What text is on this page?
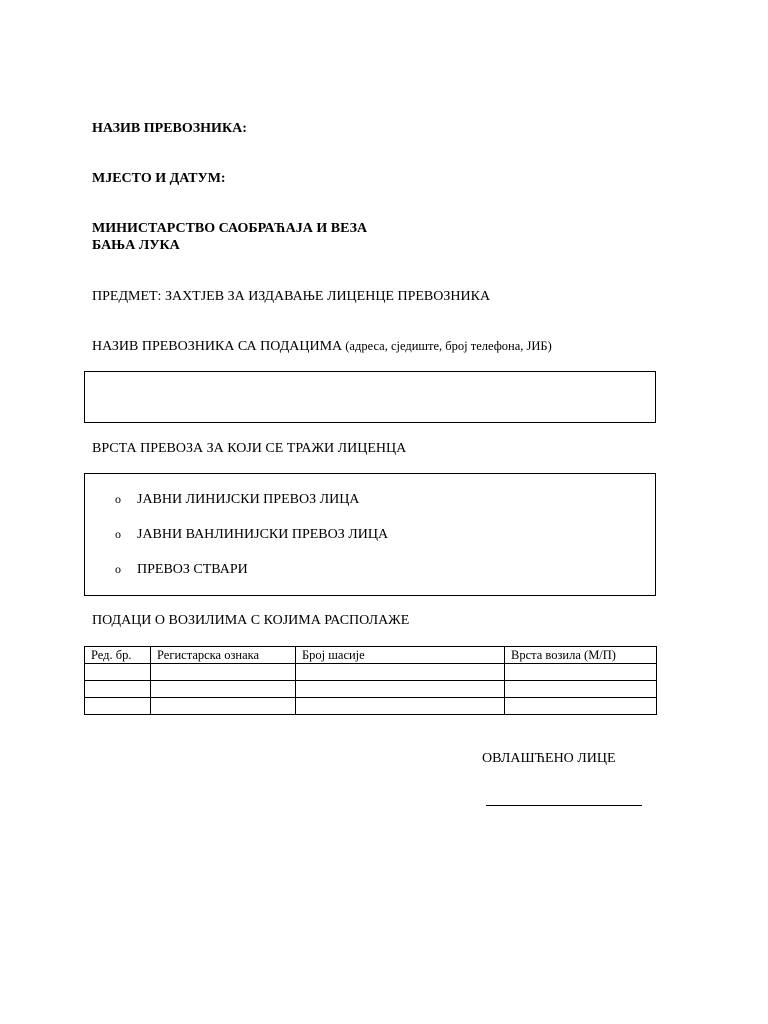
НАЗИВ ПРЕВОЗНИКА:
МЈЕСТО И ДАТУМ:
МИНИСТАРСТВО САОБРАЋАЈА И ВЕЗА
БАЊА ЛУКА
ПРЕДМЕТ: ЗАХТЈЕВ ЗА ИЗДАВАЊЕ ЛИЦЕНЦЕ ПРЕВОЗНИКА
НАЗИВ ПРЕВОЗНИКА СА ПОДАЦИМА (адреса, сједиште, број телефона, ЈИБ)
ВРСТА ПРЕВОЗА ЗА КОЈИ СЕ ТРАЖИ ЛИЦЕНЦА
o ЈАВНИ ЛИНИЈСКИ ПРЕВОЗ ЛИЦА
o ЈАВНИ ВАНЛИНИЈСКИ ПРЕВОЗ ЛИЦА
o ПРЕВОЗ СТВАРИ
ПОДАЦИ О ВОЗИЛИМА С КОЈИМА РАСПОЛАЖЕ
Ред. бр.	Регистарска ознака	Број шасије	Врста возила (М/П)

ОВЛАШЋЕНО ЛИЦЕ
